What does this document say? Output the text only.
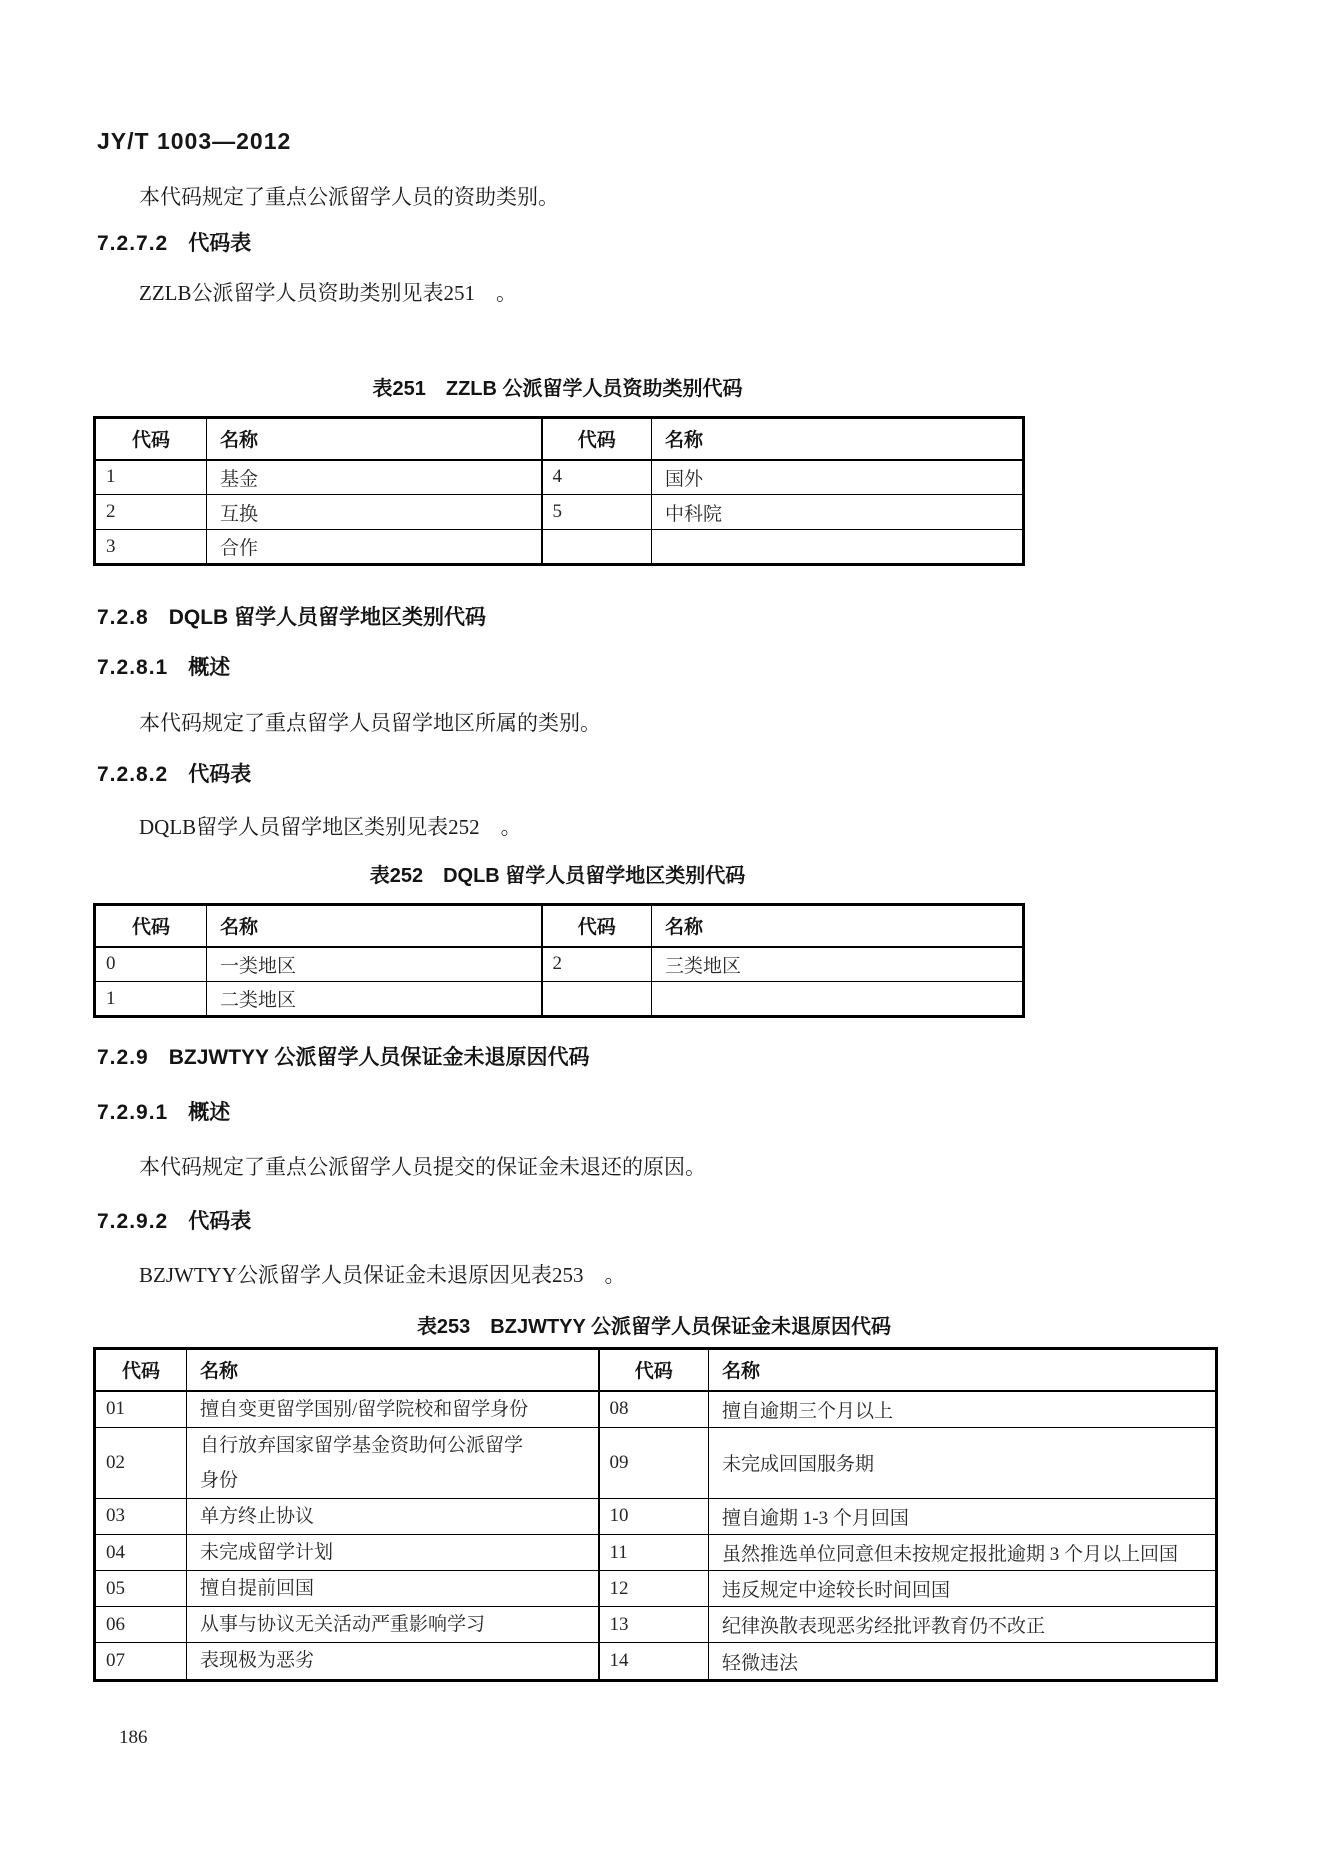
JY/T 1003—2012
本代码规定了重点公派留学人员的资助类别。
7.2.7.2 代码表
ZZLB公派留学人员资助类别见表251　。
表251　ZZLB 公派留学人员资助类别代码
代码	名称	代码	名称
1	基金	4	国外
2	互换	5	中科院
3	合作		
7.2.8 DQLB 留学人员留学地区类别代码
7.2.8.1 概述
本代码规定了重点留学人员留学地区所属的类别。
7.2.8.2 代码表
DQLB留学人员留学地区类别见表252　。
表252　DQLB 留学人员留学地区类别代码
代码	名称	代码	名称
0	一类地区	2	三类地区
1	二类地区		
7.2.9 BZJWTYY 公派留学人员保证金未退原因代码
7.2.9.1 概述
本代码规定了重点公派留学人员提交的保证金未退还的原因。
7.2.9.2 代码表
BZJWTYY公派留学人员保证金未退原因见表253　。
表253　BZJWTYY 公派留学人员保证金未退原因代码
代码	名称	代码	名称
01	擅自变更留学国别/留学院校和留学身份	08	擅自逾期三个月以上
02	自行放弃国家留学基金资助何公派留学身份	09	未完成回国服务期
03	单方终止协议	10	擅自逾期 1-3 个月回国
04	未完成留学计划	11	虽然推选单位同意但未按规定报批逾期 3 个月以上回国
05	擅自提前回国	12	违反规定中途较长时间回国
06	从事与协议无关活动严重影响学习	13	纪律涣散表现恶劣经批评教育仍不改正
07	表现极为恶劣	14	轻微违法
186
